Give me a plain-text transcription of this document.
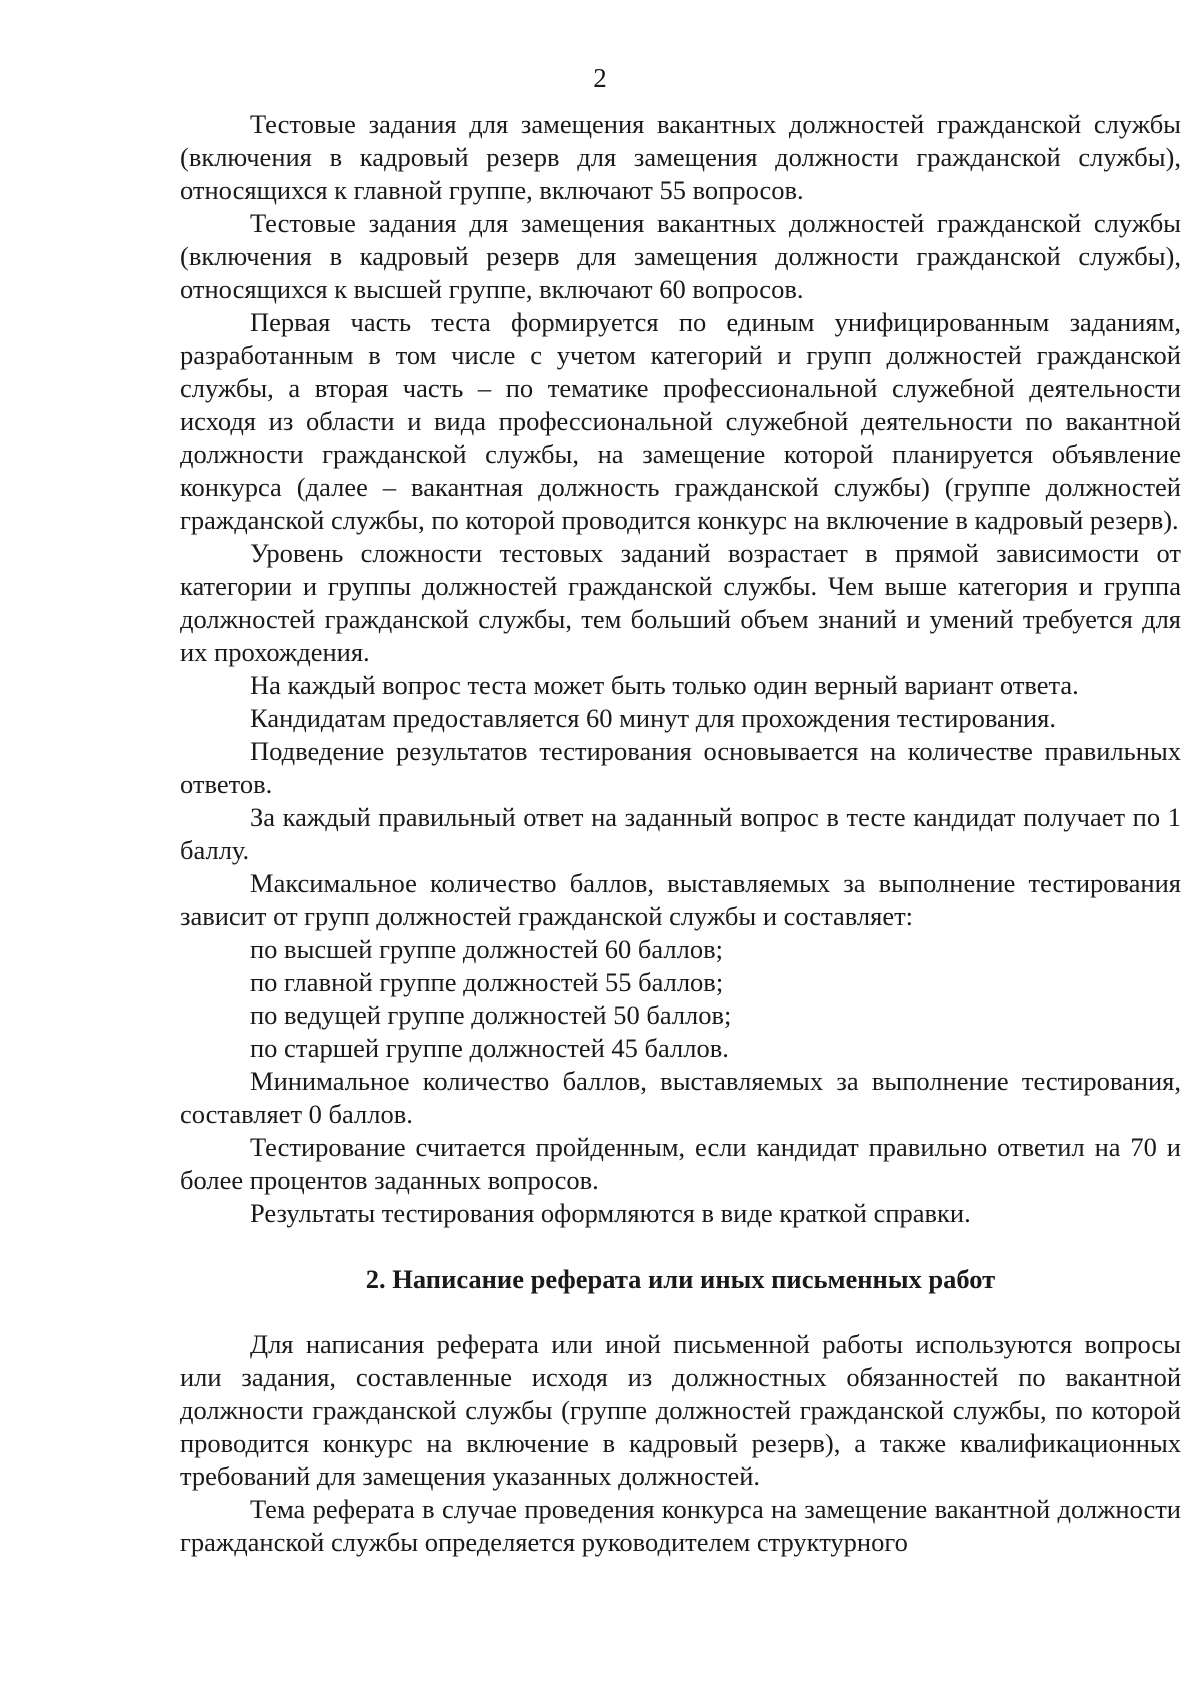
2

Тестовые задания для замещения вакантных должностей гражданской службы (включения в кадровый резерв для замещения должности гражданской службы), относящихся к главной группе, включают 55 вопросов.

Тестовые задания для замещения вакантных должностей гражданской службы (включения в кадровый резерв для замещения должности гражданской службы), относящихся к высшей группе, включают 60 вопросов.

Первая часть теста формируется по единым унифицированным заданиям, разработанным в том числе с учетом категорий и групп должностей гражданской службы, а вторая часть – по тематике профессиональной служебной деятельности исходя из области и вида профессиональной служебной деятельности по вакантной должности гражданской службы, на замещение которой планируется объявление конкурса (далее – вакантная должность гражданской службы) (группе должностей гражданской службы, по которой проводится конкурс на включение в кадровый резерв).

Уровень сложности тестовых заданий возрастает в прямой зависимости от категории и группы должностей гражданской службы. Чем выше категория и группа должностей гражданской службы, тем больший объем знаний и умений требуется для их прохождения.

На каждый вопрос теста может быть только один верный вариант ответа.

Кандидатам предоставляется 60 минут для прохождения тестирования.

Подведение результатов тестирования основывается на количестве правильных ответов.

За каждый правильный ответ на заданный вопрос в тесте кандидат получает по 1 баллу.

Максимальное количество баллов, выставляемых за выполнение тестирования зависит от групп должностей гражданской службы и составляет:

по высшей группе должностей 60 баллов;

по главной группе должностей 55 баллов;

по ведущей группе должностей 50 баллов;

по старшей группе должностей 45 баллов.

Минимальное количество баллов, выставляемых за выполнение тестирования, составляет 0 баллов.

Тестирование считается пройденным, если кандидат правильно ответил на 70 и более процентов заданных вопросов.

Результаты тестирования оформляются в виде краткой справки.

2. Написание реферата или иных письменных работ

Для написания реферата или иной письменной работы используются вопросы или задания, составленные исходя из должностных обязанностей по вакантной должности гражданской службы (группе должностей гражданской службы, по которой проводится конкурс на включение в кадровый резерв), а также квалификационных требований для замещения указанных должностей.

Тема реферата в случае проведения конкурса на замещение вакантной должности гражданской службы определяется руководителем структурного
